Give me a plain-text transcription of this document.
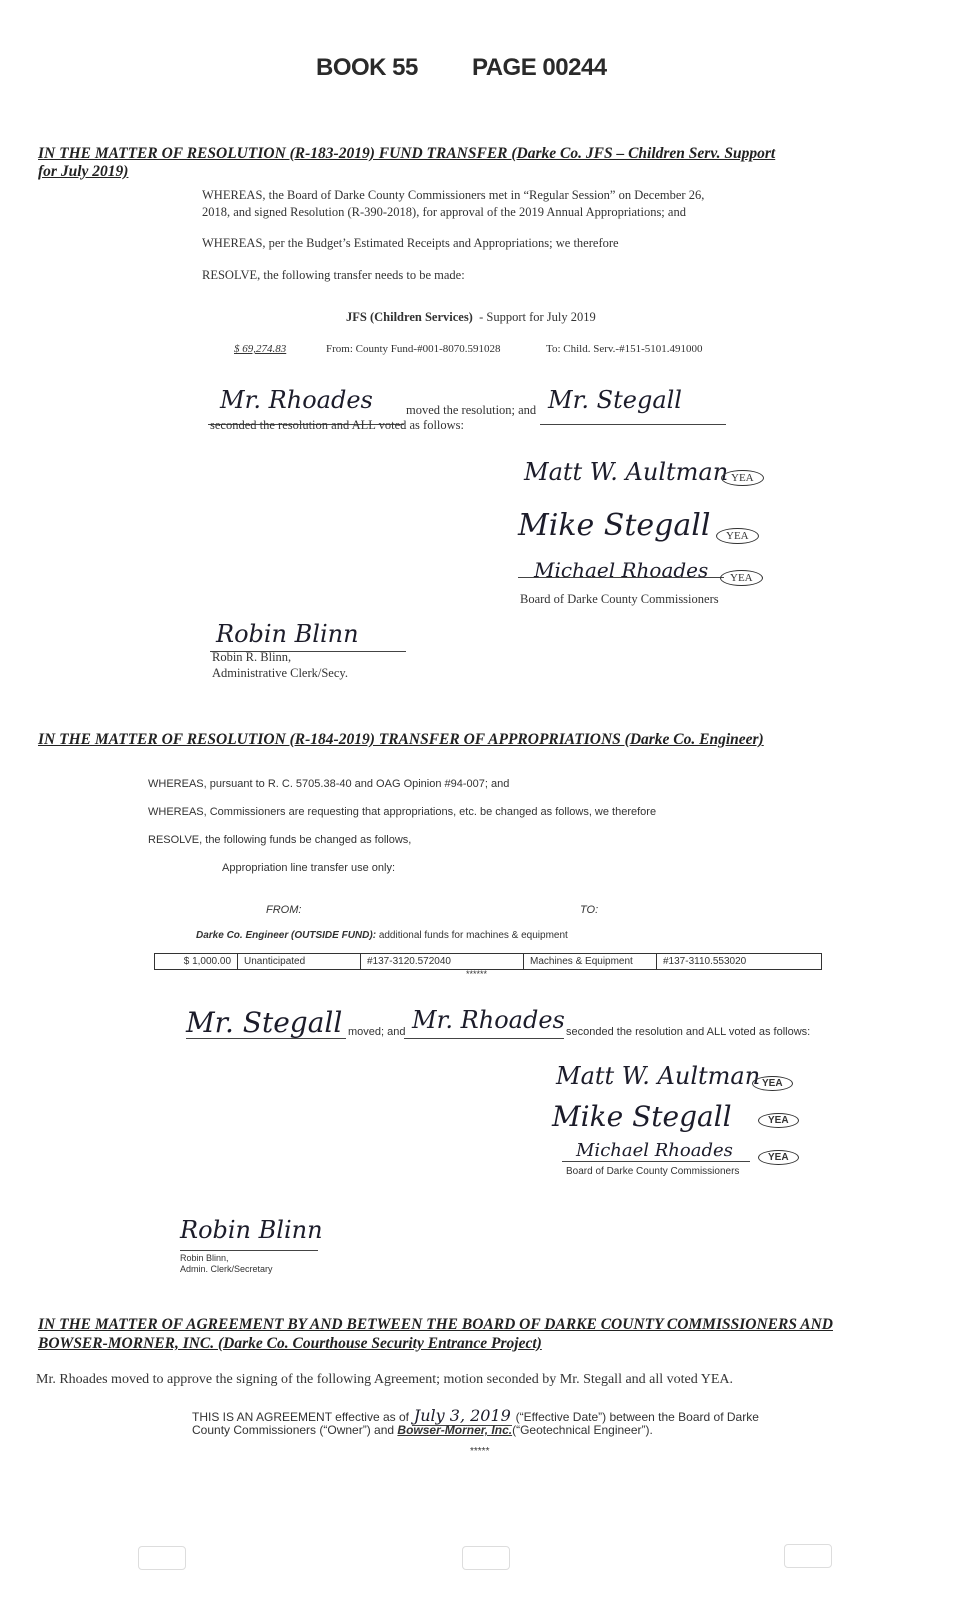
BOOK 55 PAGE 00244
IN THE MATTER OF RESOLUTION (R-183-2019) FUND TRANSFER (Darke Co. JFS – Children Serv. Support
for July 2019)
WHEREAS, the Board of Darke County Commissioners met in “Regular Session” on December 26,
2018, and signed Resolution (R-390-2018), for approval of the 2019 Annual Appropriations; and
WHEREAS, per the Budget’s Estimated Receipts and Appropriations; we therefore
RESOLVE, the following transfer needs to be made:
JFS (Children Services) - Support for July 2019
$ 69,274.83	From: County Fund-#001-8070.591028	To: Child. Serv.-#151-5101.491000
Mr. Rhoades	moved the resolution; and Mr. Stegall
seconded the resolution and ALL voted as follows:
Matt W. Aultman YEA
Mike Stegall	YEA
Michael Rhoades	YEA
Board of Darke County Commissioners
Robin Blinn
Robin R. Blinn,
Administrative Clerk/Secy.
IN THE MATTER OF RESOLUTION (R-184-2019) TRANSFER OF APPROPRIATIONS (Darke Co. Engineer)
WHEREAS, pursuant to R. C. 5705.38-40 and OAG Opinion #94-007; and
WHEREAS, Commissioners are requesting that appropriations, etc. be changed as follows, we therefore
RESOLVE, the following funds be changed as follows,
Appropriation line transfer use only:
FROM:	TO:
Darke Co. Engineer (OUTSIDE FUND): additional funds for machines & equipment
$ 1,000.00	Unanticipated	#137-3120.572040	Machines & Equipment	#137-3110.553020
******
Mr. Stegall moved; and Mr. Rhoades seconded the resolution and ALL voted as follows:
Matt W. Aultman YEA
Mike Stegall	YEA
Michael Rhoades	YEA
Board of Darke County Commissioners
Robin Blinn
Robin Blinn,
Admin. Clerk/Secretary
IN THE MATTER OF AGREEMENT BY AND BETWEEN THE BOARD OF DARKE COUNTY COMMISSIONERS AND
BOWSER-MORNER, INC. (Darke Co. Courthouse Security Entrance Project)
Mr. Rhoades moved to approve the signing of the following Agreement; motion seconded by Mr. Stegall and all voted YEA.
THIS IS AN AGREEMENT effective as of July 3, 2019 (“Effective Date”) between the Board of Darke
County Commissioners (“Owner”) and Bowser-Morner, Inc.(“Geotechnical Engineer”).
*****
